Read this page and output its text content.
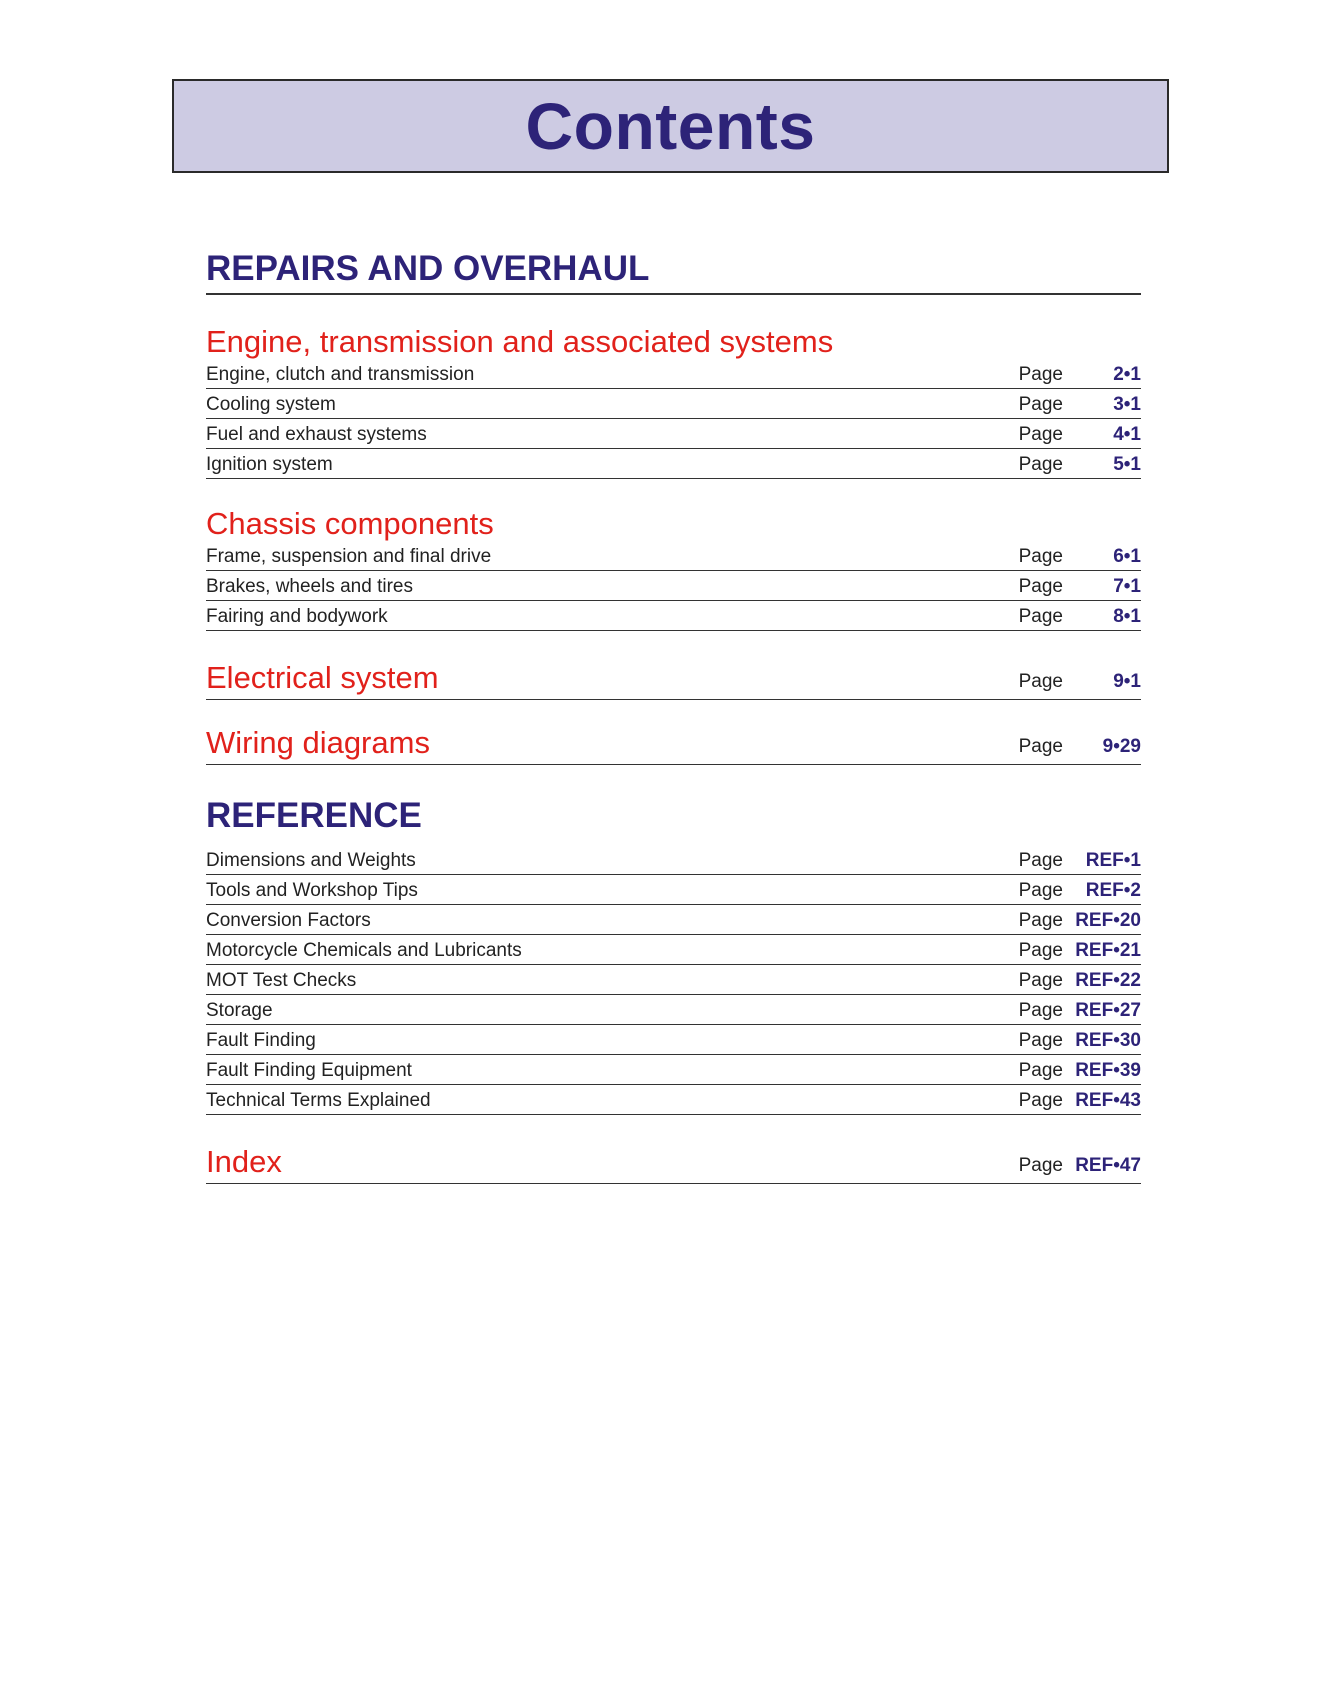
Contents
REPAIRS AND OVERHAUL
Engine, transmission and associated systems
Engine, clutch and transmission	Page	2•1
Cooling system	Page	3•1
Fuel and exhaust systems	Page	4•1
Ignition system	Page	5•1
Chassis components
Frame, suspension and final drive	Page	6•1
Brakes, wheels and tires	Page	7•1
Fairing and bodywork	Page	8•1
Electrical system	Page	9•1
Wiring diagrams	Page	9•29
REFERENCE
Dimensions and Weights	Page	REF•1
Tools and Workshop Tips	Page	REF•2
Conversion Factors	Page REF•20
Motorcycle Chemicals and Lubricants	Page REF•21
MOT Test Checks	Page REF•22
Storage	Page REF•27
Fault Finding	Page REF•30
Fault Finding Equipment	Page REF•39
Technical Terms Explained	Page REF•43
Index	Page REF•47
